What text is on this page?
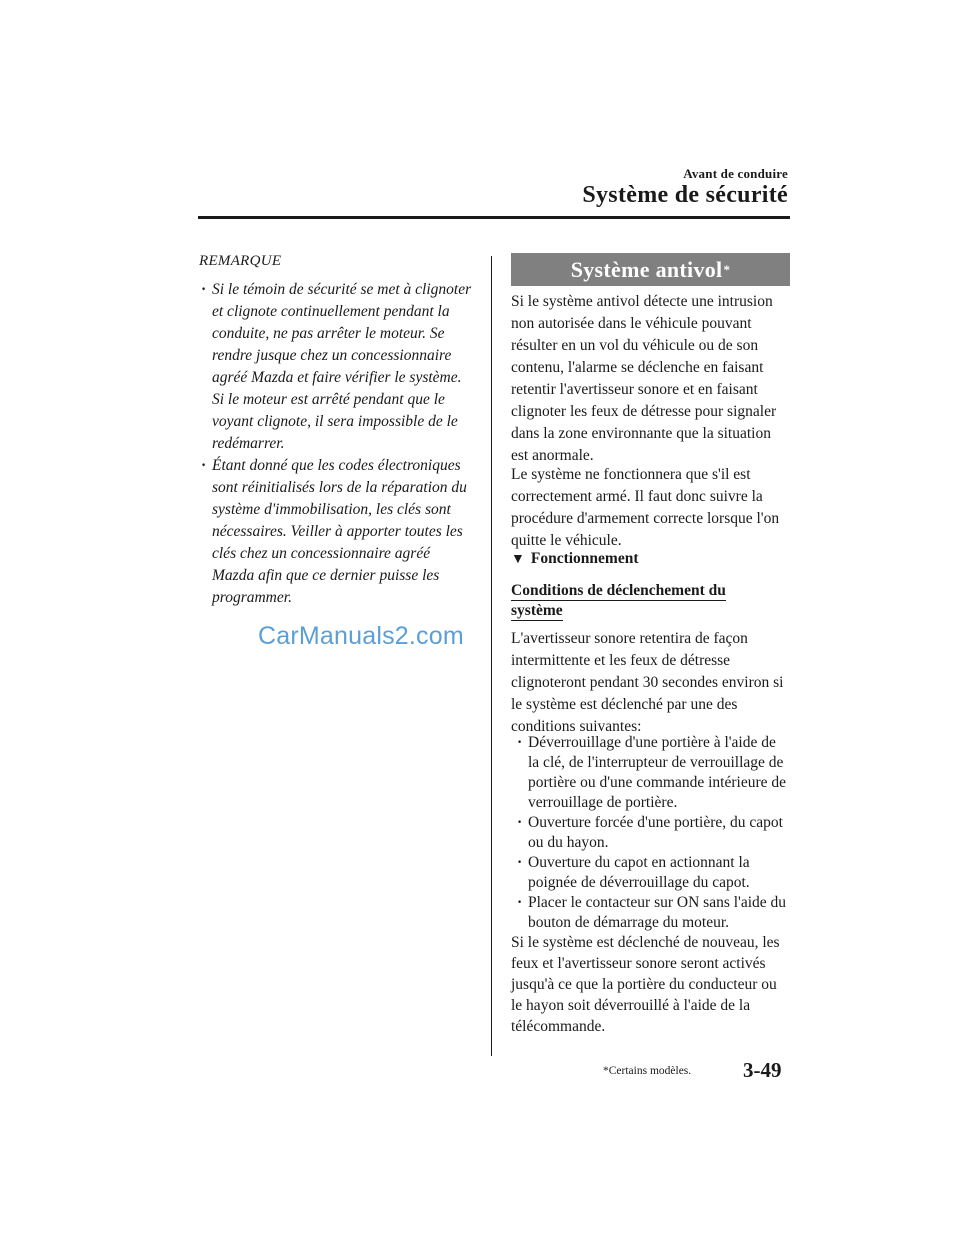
Avant de conduire
Système de sécurité
REMARQUE
· Si le témoin de sécurité se met à clignoter et clignote continuellement pendant la conduite, ne pas arrêter le moteur. Se rendre jusque chez un concessionnaire agréé Mazda et faire vérifier le système. Si le moteur est arrêté pendant que le voyant clignote, il sera impossible de le redémarrer.
· Étant donné que les codes électroniques sont réinitialisés lors de la réparation du système d'immobilisation, les clés sont nécessaires. Veiller à apporter toutes les clés chez un concessionnaire agréé Mazda afin que ce dernier puisse les programmer.
CarManuals2.com
Système antivol *

Si le système antivol détecte une intrusion non autorisée dans le véhicule pouvant résulter en un vol du véhicule ou de son contenu, l'alarme se déclenche en faisant retentir l'avertisseur sonore et en faisant clignoter les feux de détresse pour signaler dans la zone environnante que la situation est anormale.

Le système ne fonctionnera que s'il est correctement armé. Il faut donc suivre la procédure d'armement correcte lorsque l'on quitte le véhicule.

▼ Fonctionnement
Conditions de déclenchement du système

L'avertisseur sonore retentira de façon intermittente et les feux de détresse clignoteront pendant 30 secondes environ si le système est déclenché par une des conditions suivantes:

· Déverrouillage d'une portière à l'aide de la clé, de l'interrupteur de verrouillage de portière ou d'une commande intérieure de verrouillage de portière.
· Ouverture forcée d'une portière, du capot ou du hayon.
· Ouverture du capot en actionnant la poignée de déverrouillage du capot.
· Placer le contacteur sur ON sans l'aide du bouton de démarrage du moteur.

Si le système est déclenché de nouveau, les feux et l'avertisseur sonore seront activés jusqu'à ce que la portière du conducteur ou le hayon soit déverrouillé à l'aide de la télécommande.

*Certains modèles. 3-49
